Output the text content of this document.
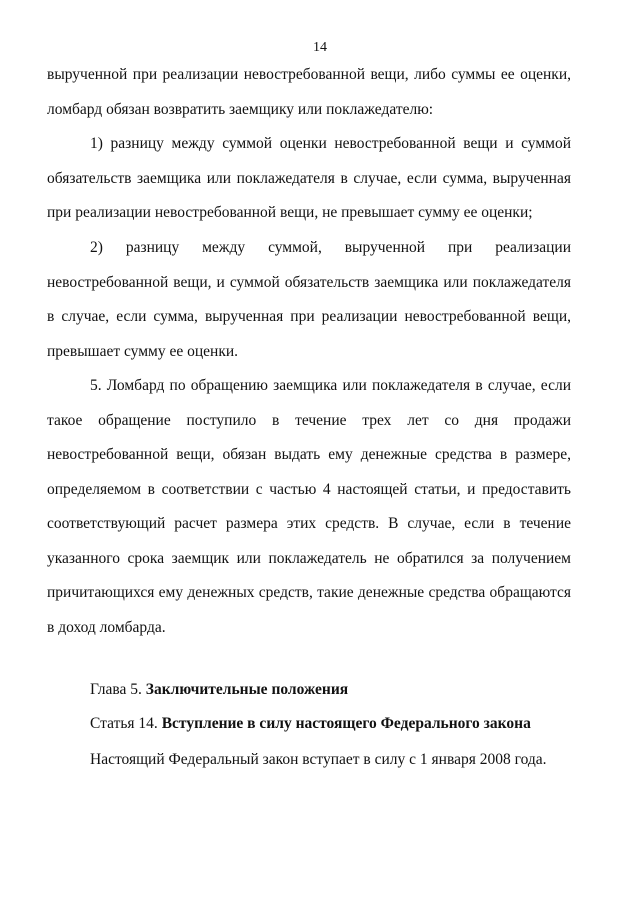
14

вырученной при реализации невостребованной вещи, либо суммы ее оценки, ломбард обязан возвратить заемщику или поклажедателю:

1) разницу между суммой оценки невостребованной вещи и суммой обязательств заемщика или поклажедателя в случае, если сумма, вырученная при реализации невостребованной вещи, не превышает сумму ее оценки;

2) разницу между суммой, вырученной при реализации невостребованной вещи, и суммой обязательств заемщика или поклажедателя в случае, если сумма, вырученная при реализации невостребованной вещи, превышает сумму ее оценки.

5. Ломбард по обращению заемщика или поклажедателя в случае, если такое обращение поступило в течение трех лет со дня продажи невостребованной вещи, обязан выдать ему денежные средства в размере, определяемом в соответствии с частью 4 настоящей статьи, и предоставить соответствующий расчет размера этих средств. В случае, если в течение указанного срока заемщик или поклажедатель не обратился за получением причитающихся ему денежных средств, такие денежные средства обращаются в доход ломбарда.

Глава 5. Заключительные положения

Статья 14. Вступление в силу настоящего Федерального закона

Настоящий Федеральный закон вступает в силу с 1 января 2008 года.
